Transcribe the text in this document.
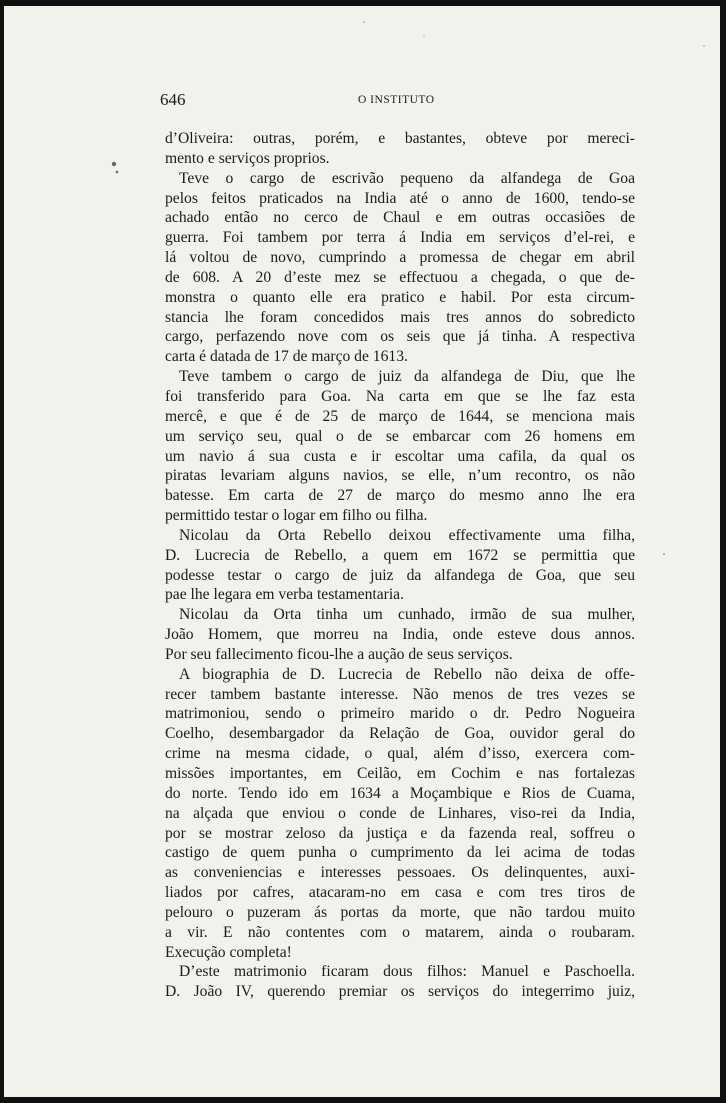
646	O INSTITUTO
d’Oliveira: outras, porém, e bastantes, obteve por mereci-
mento e serviços proprios.
Teve o cargo de escrivão pequeno da alfandega de Goa
pelos feitos praticados na India até o anno de 1600, tendo-se
achado então no cerco de Chaul e em outras occasiões de
guerra. Foi tambem por terra á India em serviços d’el-rei, e
lá voltou de novo, cumprindo a promessa de chegar em abril
de 608. A 20 d’este mez se effectuou a chegada, o que de-
monstra o quanto elle era pratico e habil. Por esta circum-
stancia lhe foram concedidos mais tres annos do sobredicto
cargo, perfazendo nove com os seis que já tinha. A respectiva
carta é datada de 17 de março de 1613.
Teve tambem o cargo de juiz da alfandega de Diu, que lhe
foi transferido para Goa. Na carta em que se lhe faz esta
mercê, e que é de 25 de março de 1644, se menciona mais
um serviço seu, qual o de se embarcar com 26 homens em
um navio á sua custa e ir escoltar uma cafila, da qual os
piratas levariam alguns navios, se elle, n’um recontro, os não
batesse. Em carta de 27 de março do mesmo anno lhe era
permittido testar o logar em filho ou filha.
Nicolau da Orta Rebello deixou effectivamente uma filha,
D. Lucrecia de Rebello, a quem em 1672 se permittia que
podesse testar o cargo de juiz da alfandega de Goa, que seu
pae lhe legara em verba testamentaria.
Nicolau da Orta tinha um cunhado, irmão de sua mulher,
João Homem, que morreu na India, onde esteve dous annos.
Por seu fallecimento ficou-lhe a aução de seus serviços.
A biographia de D. Lucrecia de Rebello não deixa de offe-
recer tambem bastante interesse. Não menos de tres vezes se
matrimoniou, sendo o primeiro marido o dr. Pedro Nogueira
Coelho, desembargador da Relação de Goa, ouvidor geral do
crime na mesma cidade, o qual, além d’isso, exercera com-
missões importantes, em Ceilão, em Cochim e nas fortalezas
do norte. Tendo ido em 1634 a Moçambique e Rios de Cuama,
na alçada que enviou o conde de Linhares, viso-rei da India,
por se mostrar zeloso da justiça e da fazenda real, soffreu o
castigo de quem punha o cumprimento da lei acima de todas
as conveniencias e interesses pessoaes. Os delinquentes, auxi-
liados por cafres, atacaram-no em casa e com tres tiros de
pelouro o puzeram ás portas da morte, que não tardou muito
a vir. E não contentes com o matarem, ainda o roubaram.
Execução completa!
D’este matrimonio ficaram dous filhos: Manuel e Paschoella.
D. João IV, querendo premiar os serviços do integerrimo juiz,
